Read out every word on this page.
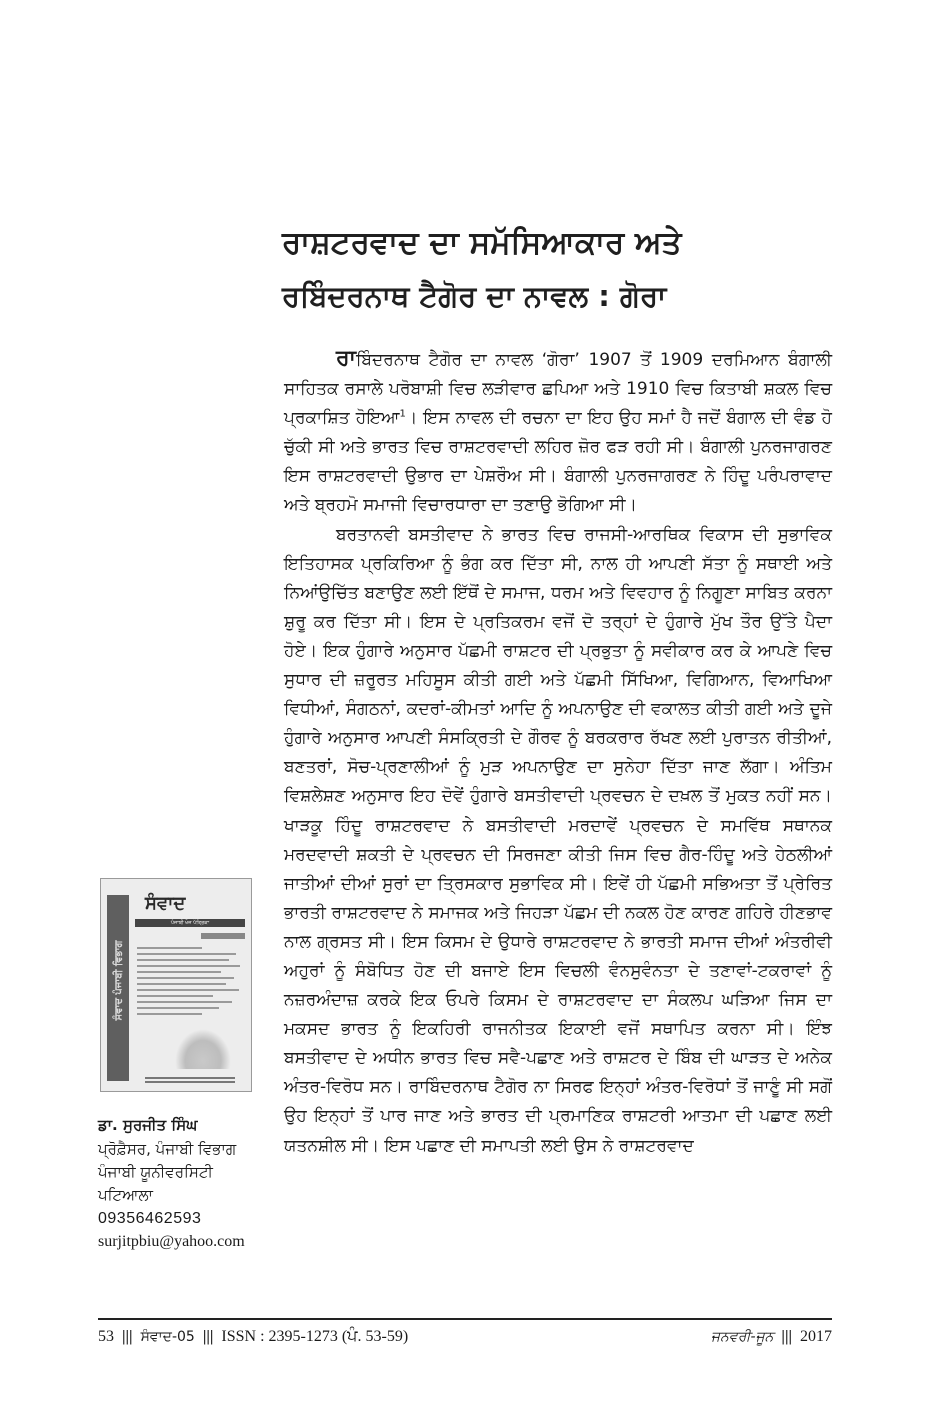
ਰਾਸ਼ਟਰਵਾਦ ਦਾ ਸਮੱਸਿਆਕਾਰ ਅਤੇ
ਰਬਿੰਦਰਨਾਥ ਟੈਗੋਰ ਦਾ ਨਾਵਲ : ਗੋਰਾ

ਰਾਬਿੰਦਰਨਾਥ ਟੈਗੋਰ ਦਾ ਨਾਵਲ ‘ਗੋਰਾ’ 1907 ਤੋਂ 1909 ਦਰਮਿਆਨ ਬੰਗਾਲੀ ਸਾਹਿਤਕ ਰਸਾਲੇ ਪਰੋਬਾਸ਼ੀ ਵਿਚ ਲੜੀਵਾਰ ਛਪਿਆ ਅਤੇ 1910 ਵਿਚ ਕਿਤਾਬੀ ਸ਼ਕਲ ਵਿਚ ਪ੍ਰਕਾਸ਼ਿਤ ਹੋਇਆ$^1$। ਇਸ ਨਾਵਲ ਦੀ ਰਚਨਾ ਦਾ ਇਹ ਉਹ ਸਮਾਂ ਹੈ ਜਦੋਂ ਬੰਗਾਲ ਦੀ ਵੰਡ ਹੋ ਚੁੱਕੀ ਸੀ ਅਤੇ ਭਾਰਤ ਵਿਚ ਰਾਸ਼ਟਰਵਾਦੀ ਲਹਿਰ ਜ਼ੋਰ ਫੜ ਰਹੀ ਸੀ। ਬੰਗਾਲੀ ਪੁਨਰਜਾਗਰਣ ਇਸ ਰਾਸ਼ਟਰਵਾਦੀ ਉਭਾਰ ਦਾ ਪੇਸ਼ਰੌਅ ਸੀ। ਬੰਗਾਲੀ ਪੁਨਰਜਾਗਰਣ ਨੇ ਹਿੰਦੂ ਪਰੰਪਰਾਵਾਦ ਅਤੇ ਬ੍ਰਹਮੋ ਸਮਾਜੀ ਵਿਚਾਰਧਾਰਾ ਦਾ ਤਣਾਉ ਭੋਗਿਆ ਸੀ।

ਬਰਤਾਨਵੀ ਬਸਤੀਵਾਦ ਨੇ ਭਾਰਤ ਵਿਚ ਰਾਜਸੀ-ਆਰਥਿਕ ਵਿਕਾਸ ਦੀ ਸੁਭਾਵਿਕ ਇਤਿਹਾਸਕ ਪ੍ਰਕਿਰਿਆ ਨੂੰ ਭੰਗ ਕਰ ਦਿੱਤਾ ਸੀ, ਨਾਲ ਹੀ ਆਪਣੀ ਸੱਤਾ ਨੂੰ ਸਥਾਈ ਅਤੇ ਨਿਆਂਉਚਿੱਤ ਬਣਾਉਣ ਲਈ ਇੱਥੋਂ ਦੇ ਸਮਾਜ, ਧਰਮ ਅਤੇ ਵਿਵਹਾਰ ਨੂੰ ਨਿਗੂਣਾ ਸਾਬਿਤ ਕਰਨਾ ਸ਼ੁਰੂ ਕਰ ਦਿੱਤਾ ਸੀ। ਇਸ ਦੇ ਪ੍ਰਤਿਕਰਮ ਵਜੋਂ ਦੋ ਤਰ੍ਹਾਂ ਦੇ ਹੁੰਗਾਰੇ ਮੁੱਖ ਤੌਰ ਉੱਤੇ ਪੈਦਾ ਹੋਏ। ਇਕ ਹੁੰਗਾਰੇ ਅਨੁਸਾਰ ਪੱਛਮੀ ਰਾਸ਼ਟਰ ਦੀ ਪ੍ਰਭੁਤਾ ਨੂੰ ਸਵੀਕਾਰ ਕਰ ਕੇ ਆਪਣੇ ਵਿਚ ਸੁਧਾਰ ਦੀ ਜ਼ਰੂਰਤ ਮਹਿਸੂਸ ਕੀਤੀ ਗਈ ਅਤੇ ਪੱਛਮੀ ਸਿੱਖਿਆ, ਵਿਗਿਆਨ, ਵਿਆਖਿਆ ਵਿਧੀਆਂ, ਸੰਗਠਨਾਂ, ਕਦਰਾਂ-ਕੀਮਤਾਂ ਆਦਿ ਨੂੰ ਅਪਨਾਉਣ ਦੀ ਵਕਾਲਤ ਕੀਤੀ ਗਈ ਅਤੇ ਦੂਜੇ ਹੁੰਗਾਰੇ ਅਨੁਸਾਰ ਆਪਣੀ ਸੰਸਕ੍ਰਿਤੀ ਦੇ ਗੌਰਵ ਨੂੰ ਬਰਕਰਾਰ ਰੱਖਣ ਲਈ ਪੁਰਾਤਨ ਰੀਤੀਆਂ, ਬਣਤਰਾਂ, ਸੋਚ-ਪ੍ਰਣਾਲੀਆਂ ਨੂੰ ਮੁੜ ਅਪਨਾਉਣ ਦਾ ਸੁਨੇਹਾ ਦਿੱਤਾ ਜਾਣ ਲੱਗਾ। ਅੰਤਿਮ ਵਿਸ਼ਲੇਸ਼ਣ ਅਨੁਸਾਰ ਇਹ ਦੋਵੇਂ ਹੁੰਗਾਰੇ ਬਸਤੀਵਾਦੀ ਪ੍ਰਵਚਨ ਦੇ ਦਖ਼ਲ ਤੋਂ ਮੁਕਤ ਨਹੀਂ ਸਨ। ਖਾੜਕੂ ਹਿੰਦੂ ਰਾਸ਼ਟਰਵਾਦ ਨੇ ਬਸਤੀਵਾਦੀ ਮਰਦਾਵੇਂ ਪ੍ਰਵਚਨ ਦੇ ਸਮਵਿੱਥ ਸਥਾਨਕ ਮਰਦਵਾਦੀ ਸ਼ਕਤੀ ਦੇ ਪ੍ਰਵਚਨ ਦੀ ਸਿਰਜਣਾ ਕੀਤੀ ਜਿਸ ਵਿਚ ਗੈਰ-ਹਿੰਦੂ ਅਤੇ ਹੇਠਲੀਆਂ ਜਾਤੀਆਂ ਦੀਆਂ ਸੁਰਾਂ ਦਾ ਤ੍ਰਿਸਕਾਰ ਸੁਭਾਵਿਕ ਸੀ। ਇਵੇਂ ਹੀ ਪੱਛਮੀ ਸਭਿਅਤਾ ਤੋਂ ਪ੍ਰੇਰਿਤ ਭਾਰਤੀ ਰਾਸ਼ਟਰਵਾਦ ਨੇ ਸਮਾਜਕ ਅਤੇ ਜਿਹੜਾ ਪੱਛਮ ਦੀ ਨਕਲ ਹੋਣ ਕਾਰਣ ਗਹਿਰੇ ਹੀਣਭਾਵ ਨਾਲ ਗ੍ਰਸਤ ਸੀ। ਇਸ ਕਿਸਮ ਦੇ ਉਧਾਰੇ ਰਾਸ਼ਟਰਵਾਦ ਨੇ ਭਾਰਤੀ ਸਮਾਜ ਦੀਆਂ ਅੰਤਰੀਵੀ ਅਹੁਰਾਂ ਨੂੰ ਸੰਬੋਧਿਤ ਹੋਣ ਦੀ ਬਜਾਏ ਇਸ ਵਿਚਲੀ ਵੰਨਸੁਵੰਨਤਾ ਦੇ ਤਣਾਵਾਂ-ਟਕਰਾਵਾਂ ਨੂੰ ਨਜ਼ਰਅੰਦਾਜ਼ ਕਰਕੇ ਇਕ ਓਪਰੇ ਕਿਸਮ ਦੇ ਰਾਸ਼ਟਰਵਾਦ ਦਾ ਸੰਕਲਪ ਘੜਿਆ ਜਿਸ ਦਾ ਮਕਸਦ ਭਾਰਤ ਨੂੰ ਇਕਹਿਰੀ ਰਾਜਨੀਤਕ ਇਕਾਈ ਵਜੋਂ ਸਥਾਪਿਤ ਕਰਨਾ ਸੀ। ਇੰਝ ਬਸਤੀਵਾਦ ਦੇ ਅਧੀਨ ਭਾਰਤ ਵਿਚ ਸਵੈ-ਪਛਾਣ ਅਤੇ ਰਾਸ਼ਟਰ ਦੇ ਬਿੰਬ ਦੀ ਘਾੜਤ ਦੇ ਅਨੇਕ ਅੰਤਰ-ਵਿਰੋਧ ਸਨ। ਰਾਬਿੰਦਰਨਾਥ ਟੈਗੋਰ ਨਾ ਸਿਰਫ ਇਨ੍ਹਾਂ ਅੰਤਰ-ਵਿਰੋਧਾਂ ਤੋਂ ਜਾਣੂੰ ਸੀ ਸਗੋਂ ਉਹ ਇਨ੍ਹਾਂ ਤੋਂ ਪਾਰ ਜਾਣ ਅਤੇ ਭਾਰਤ ਦੀ ਪ੍ਰਮਾਣਿਕ ਰਾਸ਼ਟਰੀ ਆਤਮਾ ਦੀ ਪਛਾਣ ਲਈ ਯਤਨਸ਼ੀਲ ਸੀ। ਇਸ ਪਛਾਣ ਦੀ ਸਮਾਪਤੀ ਲਈ ਉਸ ਨੇ ਰਾਸ਼ਟਰਵਾਦ

ਸੰਵਾਦ ਪੰਜਾਬੀ ਵਿਭਾਗ
ਸੰਵਾਦ
ਪੰਜਾਬੀ ਖੋਜ ਪੱਤ੍ਰਿਕਾ
ਡਾ. ਸੁਰਜੀਤ ਸਿੰਘ
ਪ੍ਰੋਫ਼ੈਸਰ, ਪੰਜਾਬੀ ਵਿਭਾਗ
ਪੰਜਾਬੀ ਯੂਨੀਵਰਸਿਟੀ
ਪਟਿਆਲਾ
09356462593
surjitpbiu@yahoo.com
53 ||| ਸੰਵਾਦ-05 ||| ISSN : 2395-1273 (ਪੰ. 53-59)	ਜਨਵਰੀ-ਜੂਨ ||| 2017
